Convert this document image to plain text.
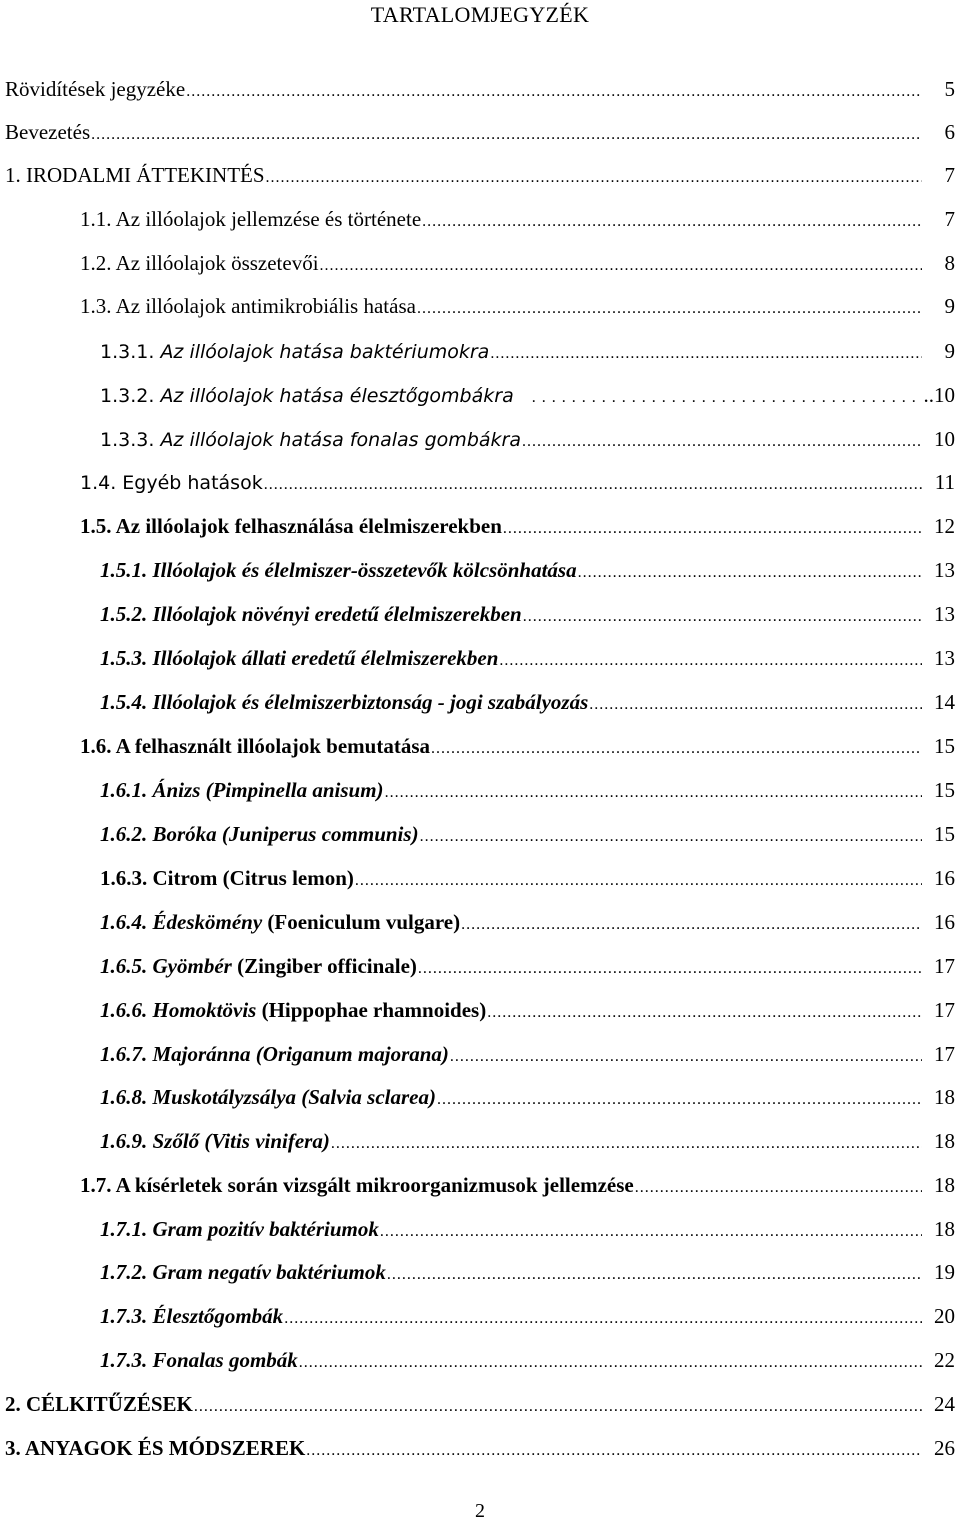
TARTALOMJEGYZÉK
Rövidítések jegyzéke .....	5
Bevezetés .....	6
1. IRODALMI ÁTTEKINTÉS .....	7
1.1. Az illóolajok jellemzése és története .....	7
1.2. Az illóolajok összetevői .....	8
1.3. Az illóolajok antimikrobiális hatása .....	9
1.3.1. Az illóolajok hatása baktériumokra .....	9
1.3.2. Az illóolajok hatása élesztőgombákra .....	..10
1.3.3. Az illóolajok hatása fonalas gombákra .....	10
1.4. Egyéb hatások .....	11
1.5. Az illóolajok felhasználása élelmiszerekben .....	12
1.5.1. Illóolajok és élelmiszer-összetevők kölcsönhatása .....	13
1.5.2. Illóolajok növényi eredetű élelmiszerekben .....	13
1.5.3. Illóolajok állati eredetű élelmiszerekben .....	13
1.5.4. Illóolajok és élelmiszerbiztonság - jogi szabályozás .....	14
1.6. A felhasznált illóolajok bemutatása .....	15
1.6.1. Ánizs (Pimpinella anisum) .....	15
1.6.2. Boróka (Juniperus communis) .....	15
1.6.3. Citrom (Citrus lemon) .....	16
1.6.4. Édeskömény (Foeniculum vulgare) .....	16
1.6.5. Gyömbér (Zingiber officinale) .....	17
1.6.6. Homoktövis (Hippophae rhamnoides) .....	17
1.6.7. Majoránna (Origanum majorana) .....	17
1.6.8. Muskotályzsálya (Salvia sclarea) .....	18
1.6.9. Szőlő (Vitis vinifera) .....	18
1.7. A kísérletek során vizsgált mikroorganizmusok jellemzése .....	18
1.7.1. Gram pozitív baktériumok .....	18
1.7.2. Gram negatív baktériumok .....	19
1.7.3. Élesztőgombák .....	20
1.7.3. Fonalas gombák .....	22
2. CÉLKITŰZÉSEK .....	24
3. ANYAGOK ÉS MÓDSZEREK .....	26
2
